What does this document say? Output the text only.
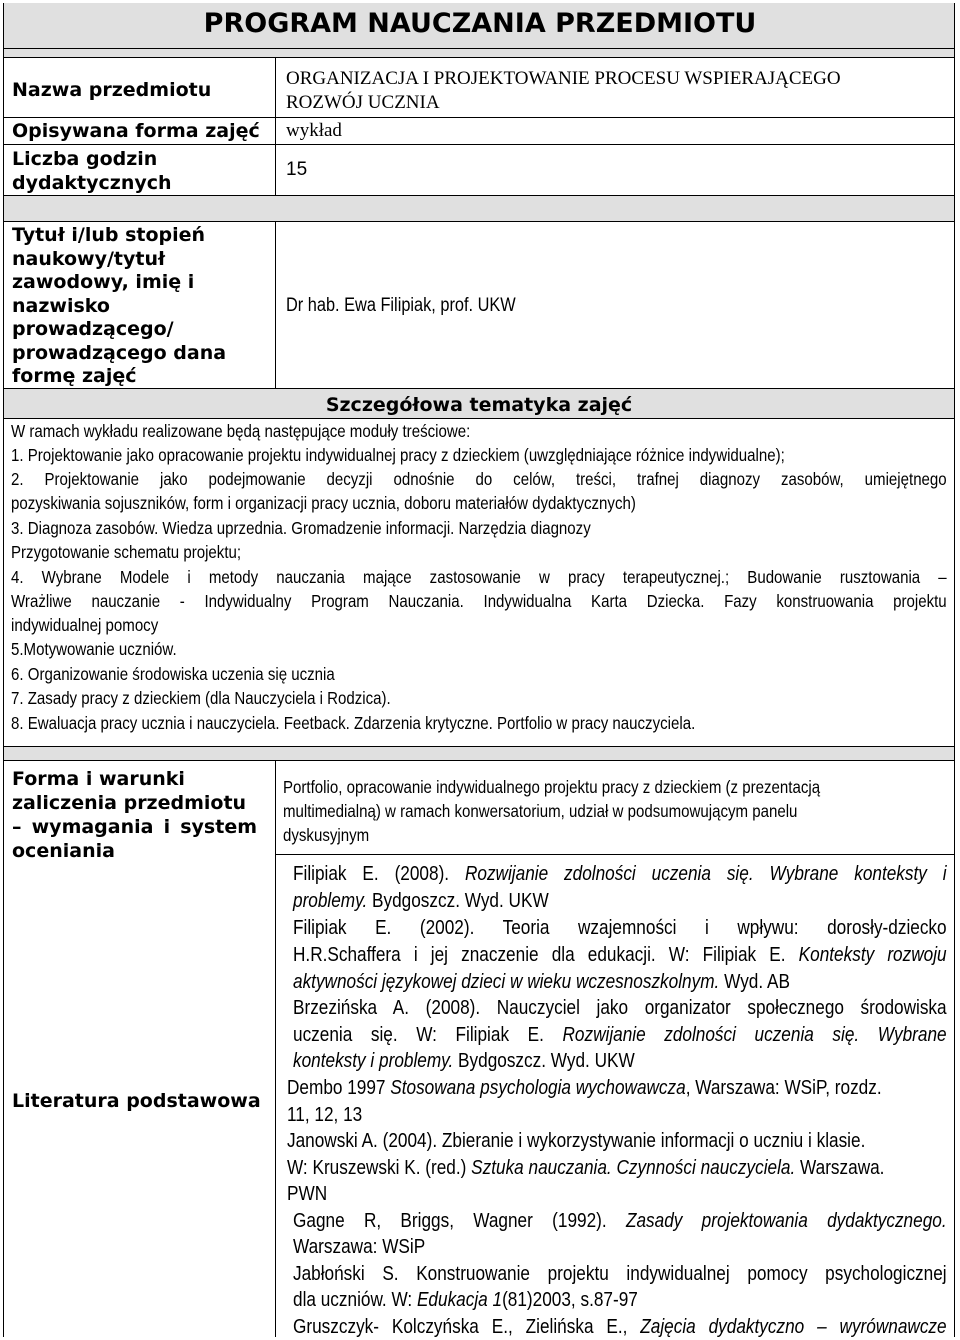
PROGRAM NAUCZANIA PRZEDMIOTU
Nazwa przedmiotu
ORGANIZACJA I PROJEKTOWANIE PROCESU WSPIERAJĄCEGO
ROZWÓJ UCZNIA
Opisywana forma zajęć wykład
Liczba godzin
dydaktycznych
15
Tytuł i/lub stopień
naukowy/tytuł
zawodowy, imię i
nazwisko
prowadzącego/
prowadzącego dana
formę zajęć
Dr hab. Ewa Filipiak, prof. UKW
Szczegółowa tematyka zajęć
W ramach wykładu realizowane będą następujące moduły treściowe:
1. Projektowanie jako opracowanie projektu indywidualnej pracy z dzieckiem (uwzględniające różnice indywidualne);
2. Projektowanie jako podejmowanie decyzji odnośnie do celów, treści, trafnej diagnozy zasobów, umiejętnego
pozyskiwania sojuszników, form i organizacji pracy ucznia, doboru materiałów dydaktycznych)
3. Diagnoza zasobów. Wiedza uprzednia. Gromadzenie informacji. Narzędzia diagnozy
Przygotowanie schematu projektu;
4. Wybrane Modele i metody nauczania mające zastosowanie w pracy terapeutycznej.; Budowanie rusztowania –
Wrażliwe nauczanie - Indywidualny Program Nauczania. Indywidualna Karta Dziecka. Fazy konstruowania projektu
indywidualnej pomocy
5.Motywowanie uczniów.
6. Organizowanie środowiska uczenia się ucznia
7. Zasady pracy z dzieckiem (dla Nauczyciela i Rodzica).
8. Ewaluacja pracy ucznia i nauczyciela. Feetback. Zdarzenia krytyczne. Portfolio w pracy nauczyciela.
Forma i warunki
zaliczenia przedmiotu
– wymagania i system
oceniania
Portfolio, opracowanie indywidualnego projektu pracy z dzieckiem (z prezentacją
multimedialną) w ramach konwersatorium, udział w podsumowującym panelu
dyskusyjnym
Literatura podstawowa
Filipiak E. (2008). Rozwijanie zdolności uczenia się. Wybrane konteksty i
problemy. Bydgoszcz. Wyd. UKW
Filipiak E. (2002). Teoria wzajemności i wpływu: dorosły-dziecko
H.R.Schaffera i jej znaczenie dla edukacji. W: Filipiak E. Konteksty rozwoju
aktywności językowej dzieci w wieku wczesnoszkolnym. Wyd. AB
Brzezińska A. (2008). Nauczyciel jako organizator społecznego środowiska
uczenia się. W: Filipiak E. Rozwijanie zdolności uczenia się. Wybrane
konteksty i problemy. Bydgoszcz. Wyd. UKW
Dembo 1997 Stosowana psychologia wychowawcza, Warszawa: WSiP, rozdz.
11, 12, 13
Janowski A. (2004). Zbieranie i wykorzystywanie informacji o uczniu i klasie.
W: Kruszewski K. (red.) Sztuka nauczania. Czynności nauczyciela. Warszawa.
PWN
Gagne R, Briggs, Wagner (1992). Zasady projektowania dydaktycznego.
Warszawa: WSiP
Jabłoński S. Konstruowanie projektu indywidualnej pomocy psychologicznej
dla uczniów. W: Edukacja 1(81)2003, s.87-97
Gruszczyk- Kolczyńska E., Zielińska E., Zajęcia dydaktyczno – wyrównawcze
